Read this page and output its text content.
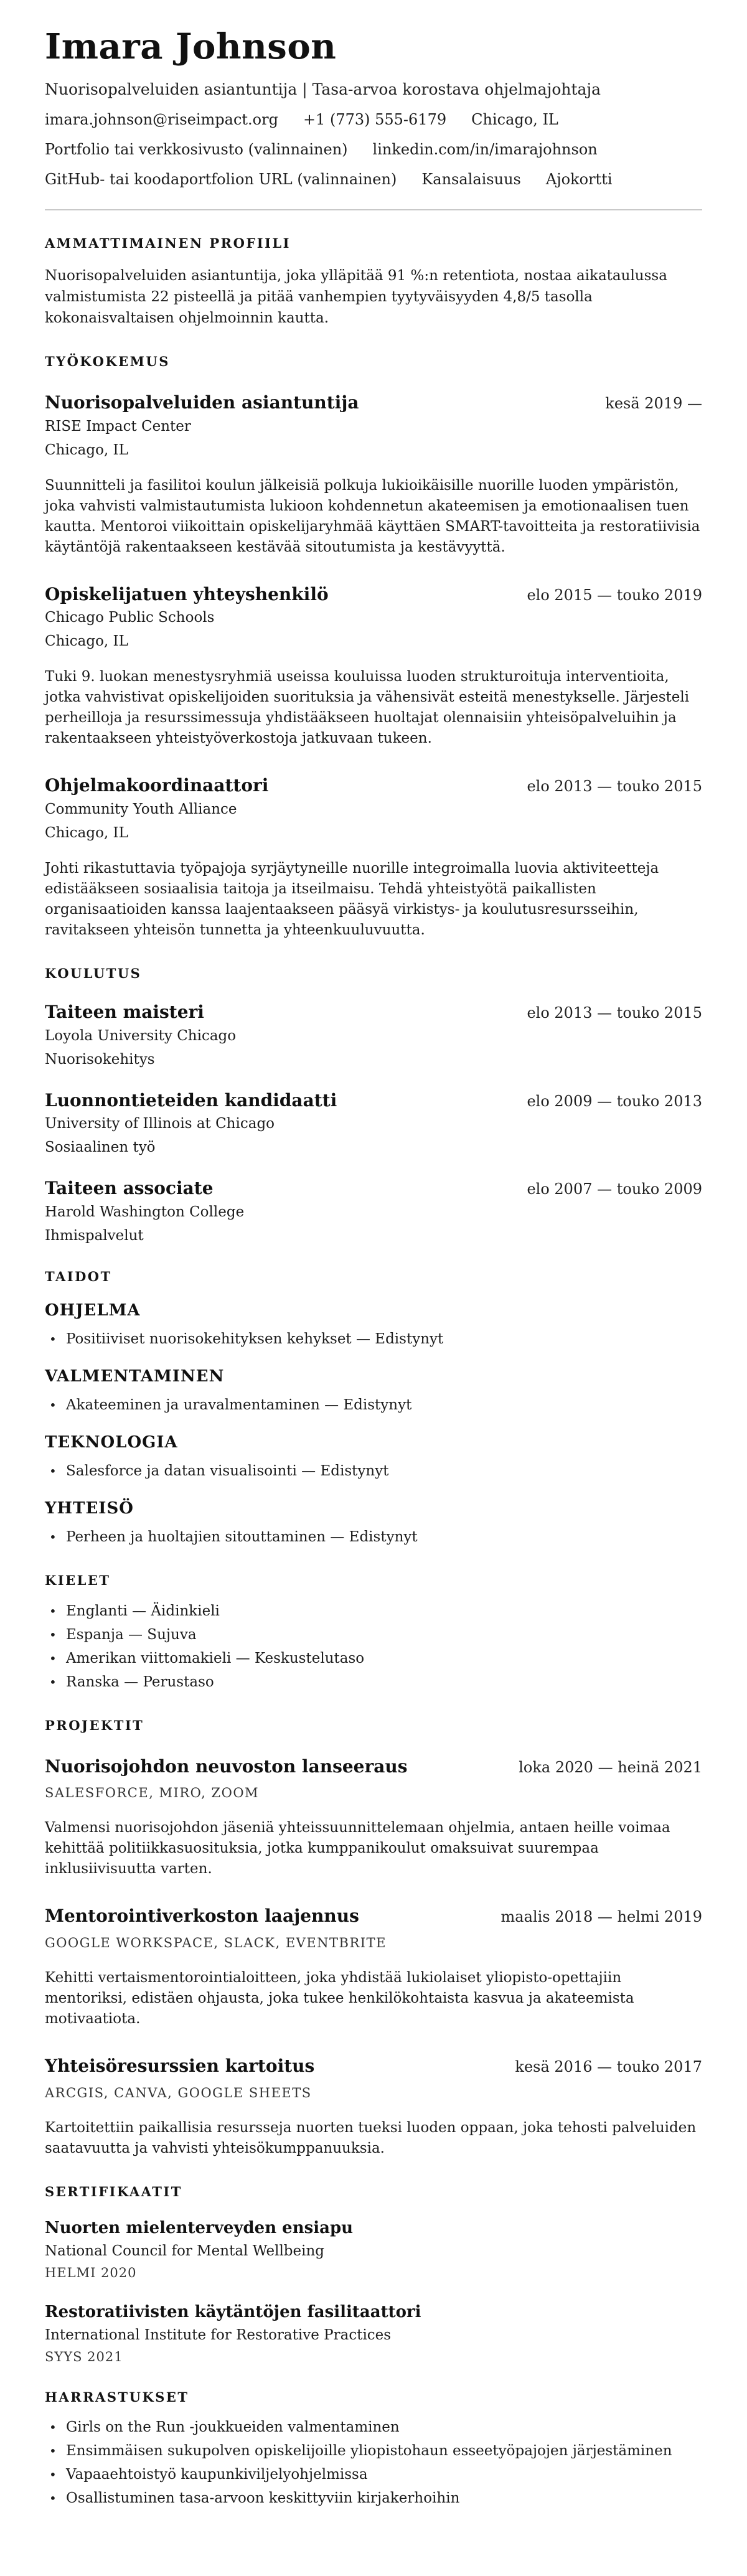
Imara Johnson
Nuorisopalveluiden asiantuntija | Tasa-arvoa korostava ohjelmajohtaja
imara.johnson@riseimpact.org +1 (773) 555-6179 Chicago, IL
Portfolio tai verkkosivusto (valinnainen) linkedin.com/in/imarajohnson
GitHub- tai koodaportfolion URL (valinnainen) Kansalaisuus Ajokortti
AMMATTIMAINEN PROFIILI

Nuorisopalveluiden asiantuntija, joka ylläpitää 91 %:n retentiota, nostaa aikataulussa valmistumista 22 pisteellä ja pitää vanhempien tyytyväisyyden 4,8/5 tasolla kokonaisvaltaisen ohjelmoinnin kautta.

TYÖKOKEMUS
Nuorisopalveluiden asiantuntija	kesä 2019 —
RISE Impact Center
Chicago, IL

Suunnitteli ja fasilitoi koulun jälkeisiä polkuja lukioikäisille nuorille luoden ympäristön, joka vahvisti valmistautumista lukioon kohdennetun akateemisen ja emotionaalisen tuen kautta. Mentoroi viikoittain opiskelijaryhmää käyttäen SMART-tavoitteita ja restoratiivisia käytäntöjä rakentaakseen kestävää sitoutumista ja kestävyyttä.

Opiskelijatuen yhteyshenkilö	elo 2015 — touko 2019
Chicago Public Schools
Chicago, IL

Tuki 9. luokan menestysryhmiä useissa kouluissa luoden strukturoituja interventioita, jotka vahvistivat opiskelijoiden suorituksia ja vähensivät esteitä menestykselle. Järjesteli perheilloja ja resurssimessuja yhdistääkseen huoltajat olennaisiin yhteisöpalveluihin ja rakentaakseen yhteistyöverkostoja jatkuvaan tukeen.

Ohjelmakoordinaattori	elo 2013 — touko 2015
Community Youth Alliance
Chicago, IL

Johti rikastuttavia työpajoja syrjäytyneille nuorille integroimalla luovia aktiviteetteja edistääkseen sosiaalisia taitoja ja itseilmaisu. Tehdä yhteistyötä paikallisten organisaatioiden kanssa laajentaakseen pääsyä virkistys- ja koulutusresursseihin, ravitakseen yhteisön tunnetta ja yhteenkuuluvuutta.

KOULUTUS
Taiteen maisteri	elo 2013 — touko 2015
Loyola University Chicago
Nuorisokehitys
Luonnontieteiden kandidaatti	elo 2009 — touko 2013
University of Illinois at Chicago
Sosiaalinen työ
Taiteen associate	elo 2007 — touko 2009
Harold Washington College
Ihmispalvelut
TAIDOT
OHJELMA
• Positiiviset nuorisokehityksen kehykset — Edistynyt
VALMENTAMINEN
• Akateeminen ja uravalmentaminen — Edistynyt
TEKNOLOGIA
• Salesforce ja datan visualisointi — Edistynyt
YHTEISÖ
• Perheen ja huoltajien sitouttaminen — Edistynyt
KIELET
• Englanti — Äidinkieli
• Espanja — Sujuva
• Amerikan viittomakieli — Keskustelutaso
• Ranska — Perustaso
PROJEKTIT
Nuorisojohdon neuvoston lanseeraus	loka 2020 — heinä 2021
SALESFORCE, MIRO, ZOOM

Valmensi nuorisojohdon jäseniä yhteissuunnittelemaan ohjelmia, antaen heille voimaa kehittää politiikkasuosituksia, jotka kumppanikoulut omaksuivat suurempaa inklusiivisuutta varten.

Mentorointiverkoston laajennus	maalis 2018 — helmi 2019
GOOGLE WORKSPACE, SLACK, EVENTBRITE

Kehitti vertaismentorointialoitteen, joka yhdistää lukiolaiset yliopisto-opettajiin mentoriksi, edistäen ohjausta, joka tukee henkilökohtaista kasvua ja akateemista motivaatiota.

Yhteisöresurssien kartoitus	kesä 2016 — touko 2017
ARCGIS, CANVA, GOOGLE SHEETS

Kartoitettiin paikallisia resursseja nuorten tueksi luoden oppaan, joka tehosti palveluiden saatavuutta ja vahvisti yhteisökumppanuuksia.

SERTIFIKAATIT
Nuorten mielenterveyden ensiapu
National Council for Mental Wellbeing
HELMI 2020
Restoratiivisten käytäntöjen fasilitaattori
International Institute for Restorative Practices
SYYS 2021
HARRASTUKSET
• Girls on the Run -joukkueiden valmentaminen
• Ensimmäisen sukupolven opiskelijoille yliopistohaun esseetyöpajojen järjestäminen
• Vapaaehtoistyö kaupunkiviljelyohjelmissa
• Osallistuminen tasa-arvoon keskittyviin kirjakerhoihin
